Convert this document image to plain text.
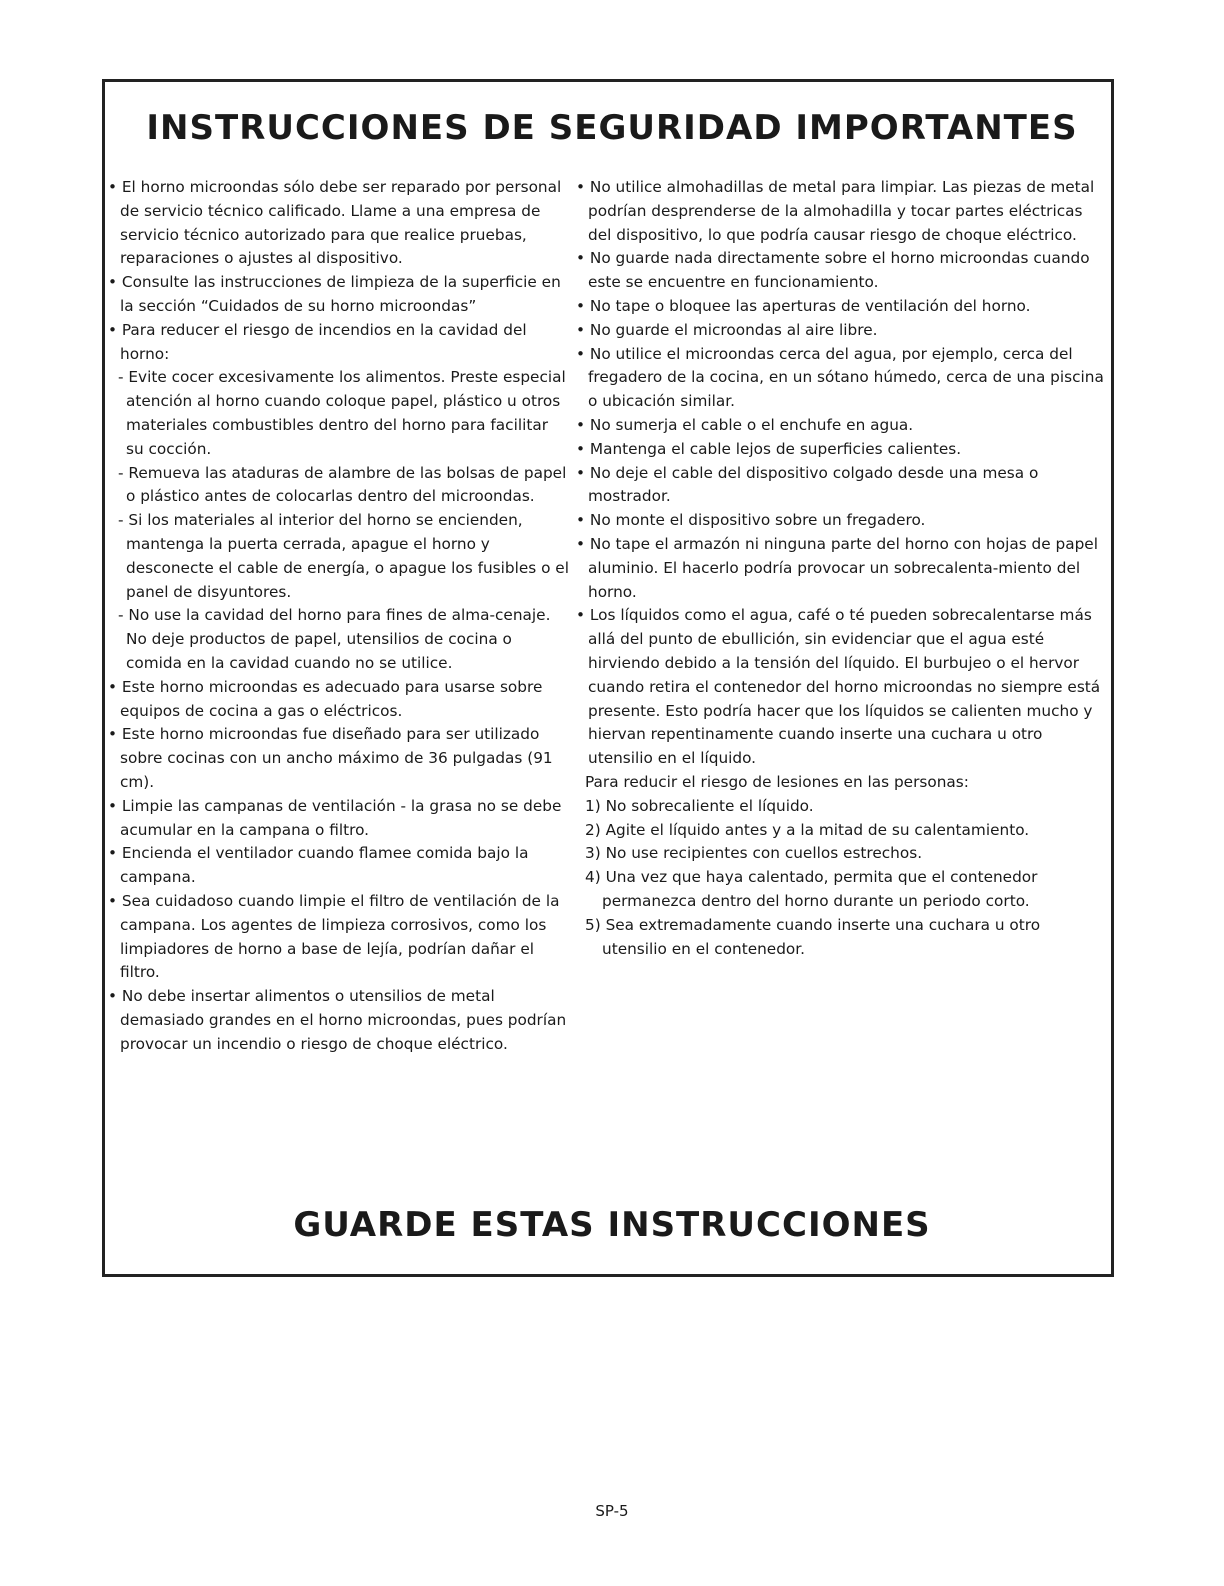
INSTRUCCIONES DE SEGURIDAD IMPORTANTES

• El horno microondas sólo debe ser reparado por personal de servicio técnico calificado. Llame a una empresa de servicio técnico autorizado para que realice pruebas, reparaciones o ajustes al dispositivo.

• Consulte las instrucciones de limpieza de la superficie en la sección “Cuidados de su horno microondas”

• Para reducer el riesgo de incendios en la cavidad del horno:

- Evite cocer excesivamente los alimentos. Preste especial atención al horno cuando coloque papel, plástico u otros materiales combustibles dentro del horno para facilitar su cocción.

- Remueva las ataduras de alambre de las bolsas de papel o plástico antes de colocarlas dentro del microondas.

- Si los materiales al interior del horno se encienden, mantenga la puerta cerrada, apague el horno y desconecte el cable de energía, o apague los fusibles o el panel de disyuntores.

- No use la cavidad del horno para fines de alma-cenaje. No deje productos de papel, utensilios de cocina o comida en la cavidad cuando no se utilice.

• Este horno microondas es adecuado para usarse sobre equipos de cocina a gas o eléctricos.

• Este horno microondas fue diseñado para ser utilizado sobre cocinas con un ancho máximo de 36 pulgadas (91 cm).

• Limpie las campanas de ventilación - la grasa no se debe acumular en la campana o filtro.

• Encienda el ventilador cuando flamee comida bajo la campana.

• Sea cuidadoso cuando limpie el filtro de ventilación de la campana. Los agentes de limpieza corrosivos, como los limpiadores de horno a base de lejía, podrían dañar el filtro.

• No debe insertar alimentos o utensilios de metal demasiado grandes en el horno microondas, pues podrían provocar un incendio o riesgo de choque eléctrico.

• No utilice almohadillas de metal para limpiar. Las piezas de metal podrían desprenderse de la almohadilla y tocar partes eléctricas del dispositivo, lo que podría causar riesgo de choque eléctrico.

• No guarde nada directamente sobre el horno microondas cuando este se encuentre en funcionamiento.

• No tape o bloquee las aperturas de ventilación del horno.

• No guarde el microondas al aire libre.

• No utilice el microondas cerca del agua, por ejemplo, cerca del fregadero de la cocina, en un sótano húmedo, cerca de una piscina o ubicación similar.

• No sumerja el cable o el enchufe en agua.

• Mantenga el cable lejos de superficies calientes.

• No deje el cable del dispositivo colgado desde una mesa o mostrador.

• No monte el dispositivo sobre un fregadero.

• No tape el armazón ni ninguna parte del horno con hojas de papel aluminio. El hacerlo podría provocar un sobrecalenta-miento del horno.

• Los líquidos como el agua, café o té pueden sobrecalentarse más allá del punto de ebullición, sin evidenciar que el agua esté hirviendo debido a la tensión del líquido. El burbujeo o el hervor cuando retira el contenedor del horno microondas no siempre está presente. Esto podría hacer que los líquidos se calienten mucho y hiervan repentinamente cuando inserte una cuchara u otro utensilio en el líquido.

Para reducir el riesgo de lesiones en las personas:

1) No sobrecaliente el líquido.

2) Agite el líquido antes y a la mitad de su calentamiento.

3) No use recipientes con cuellos estrechos.

4) Una vez que haya calentado, permita que el contenedor permanezca dentro del horno durante un periodo corto.

5) Sea extremadamente cuando inserte una cuchara u otro utensilio en el contenedor.

GUARDE ESTAS INSTRUCCIONES

SP-5
